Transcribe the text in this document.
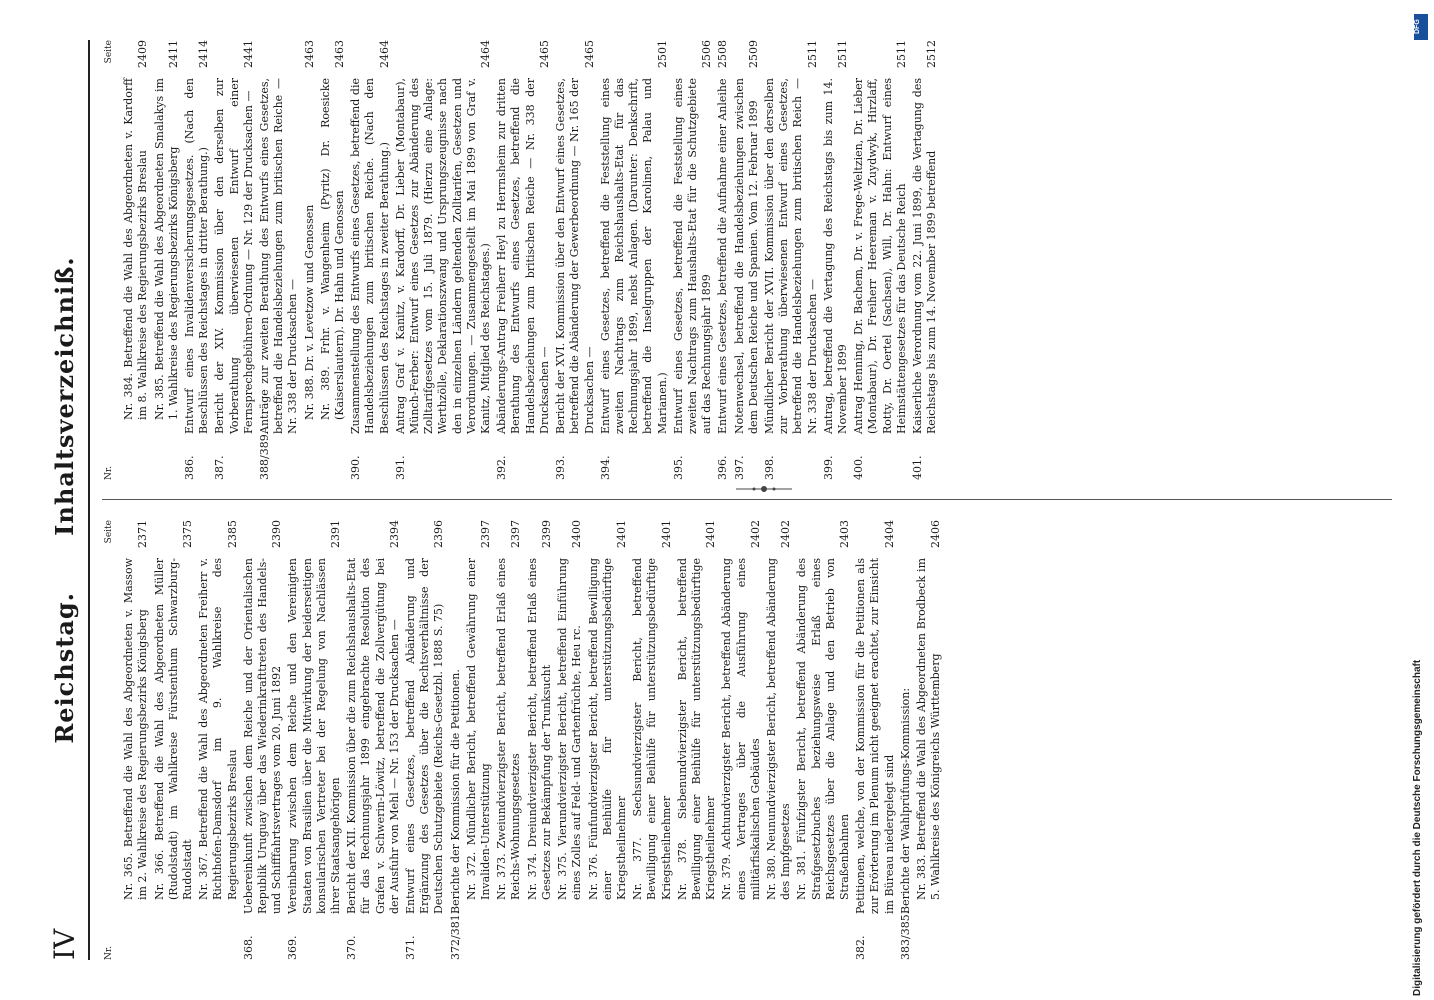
IV
Reichstag.      Inhaltsverzeichniß.
Nr.
Seite
Nr. 365. Betreffend die Wahl des Abgeordneten v. Massow im 2. Wahlkreise des Regierungsbezirks Königsberg
2371
Nr. 366. Betreffend die Wahl des Abgeordneten Müller (Rudolstadt) im Wahlkreise Fürstenthum Schwarzburg-Rudolstadt
2375
Nr. 367. Betreffend die Wahl des Abgeordneten Freiherr v. Richthofen-Damsdorf im 9. Wahlkreise des Regierungsbezirks Breslau
2385
368.
Uebereinkunft zwischen dem Reiche und der Orientalischen Republik Uruguay über das Wiederinkrafttreten des Handels- und Schifffahrtsvertrages vom 20. Juni 1892
2390
369.
Vereinbarung zwischen dem Reiche und den Vereinigten Staaten von Brasilien über die Mitwirkung der beiderseitigen konsularischen Vertreter bei der Regelung von Nachlässen ihrer Staatsangehörigen
2391
370.
Bericht der XII. Kommission über die zum Reichshaushalts-Etat für das Rechnungsjahr 1899 eingebrachte Resolution des Grafen v. Schwerin-Löwitz, betreffend die Zollvergütung bei der Ausfuhr von Mehl — Nr. 153 der Drucksachen —
2394
371.
Entwurf eines Gesetzes, betreffend Abänderung und Ergänzung des Gesetzes über die Rechtsverhältnisse der Deutschen Schutzgebiete (Reichs-Gesetzbl. 1888 S. 75)
2396
372/381.
Berichte der Kommission für die Petitionen. Nr. 372. Mündlicher Bericht, betreffend Gewährung einer Invaliden-Unterstützung
2397
Nr. 373. Zweiundvierzigster Bericht, betreffend Erlaß eines Reichs-Wohnungsgesetzes
2397
Nr. 374. Dreiundvierzigster Bericht, betreffend Erlaß eines Gesetzes zur Bekämpfung der Trunksucht
2399
Nr. 375. Vierundvierzigster Bericht, betreffend Einführung eines Zolles auf Feld- und Gartenfrüchte, Heu rc.
2400
Nr. 376. Fünfundvierzigster Bericht, betreffend Bewilligung einer Beihülfe für unterstützungsbedürftige Kriegstheilnehmer
2401
Nr. 377. Sechsundvierzigster Bericht, betreffend Bewilligung einer Beihülfe für unterstützungsbedürftige Kriegstheilnehmer
2401
Nr. 378. Siebenundvierzigster Bericht, betreffend Bewilligung einer Beihülfe für unterstützungsbedürftige Kriegstheilnehmer
2401
Nr. 379. Achtundvierzigster Bericht, betreffend Abänderung eines Vertrages über die Ausführung eines militärfiskalischen Gebäudes
2402
Nr. 380. Neunundvierzigster Bericht, betreffend Abänderung des Impfgesetzes
2402
Nr. 381. Fünfzigster Bericht, betreffend Abänderung des Strafgesetzbuches beziehungsweise Erlaß eines Reichsgesetzes über die Anlage und den Betrieb von Straßenbahnen
2403
382.
Petitionen, welche, von der Kommission für die Petitionen als zur Erörterung im Plenum nicht geeignet erachtet, zur Einsicht im Büreau niedergelegt sind
2404
383/385.
Berichte der Wahlprüfungs-Kommission: Nr. 383. Betreffend die Wahl des Abgeordneten Brodbeck im 5. Wahlkreise des Königreichs Württemberg
2406
Nr.
Seite
Nr. 384. Betreffend die Wahl des Abgeordneten v. Kardorff im 8. Wahlkreise des Regierungsbezirks Breslau
2409
Nr. 385. Betreffend die Wahl des Abgeordneten Smalakys im 1. Wahlkreise des Regierungsbezirks Königsberg
2411
386.
Entwurf eines Invalidenversicherungsgesetzes. (Nach den Beschlüssen des Reichstages in dritter Berathung.)
2414
387.
Bericht der XIV. Kommission über den derselben zur Vorberathung überwiesenen Entwurf einer Fernsprechgebühren-Ordnung — Nr. 129 der Drucksachen —
2441
388/389.
Anträge zur zweiten Berathung des Entwurfs eines Gesetzes, betreffend die Handelsbeziehungen zum britischen Reiche — Nr. 338 der Drucksachen — Nr. 388. Dr. v. Levetzow und Genossen
2463
Nr. 389. Frhr. v. Wangenheim (Pyritz) Dr. Roesicke (Kaiserslautern). Dr. Hahn und Genossen
2463
390.
Zusammenstellung des Entwurfs eines Gesetzes, betreffend die Handelsbeziehungen zum britischen Reiche. (Nach den Beschlüssen des Reichstages in zweiter Berathung.)
2464
391.
Antrag Graf v. Kanitz, v. Kardorff, Dr. Lieber (Montabaur), Münch-Ferber: Entwurf eines Gesetzes zur Abänderung des Zolltarifgesetzes vom 15. Juli 1879. (Hierzu eine Anlage: Werthzölle, Deklarationszwang und Ursprungszeugnisse nach den in einzelnen Ländern geltenden Zolltarifen, Gesetzen und Verordnungen. — Zusammengestellt im Mai 1899 von Graf v. Kanitz, Mitglied des Reichstages.)
2464
392.
Abänderungs-Antrag Freiherr Heyl zu Herrnsheim zur dritten Berathung des Entwurfs eines Gesetzes, betreffend die Handelsbeziehungen zum britischen Reiche — Nr. 338 der Drucksachen —
2465
393.
Bericht der XVI. Kommission über den Entwurf eines Gesetzes, betreffend die Abänderung der Gewerbeordnung — Nr. 165 der Drucksachen —
2465
394.
Entwurf eines Gesetzes, betreffend die Feststellung eines zweiten Nachtrags zum Reichshaushalts-Etat für das Rechnungsjahr 1899, nebst Anlagen. (Darunter: Denkschrift, betreffend die Inselgruppen der Karolinen, Palau und Marianen.)
2501
395.
Entwurf eines Gesetzes, betreffend die Feststellung eines zweiten Nachtrags zum Haushalts-Etat für die Schutzgebiete auf das Rechnungsjahr 1899
2506
396.
Entwurf eines Gesetzes, betreffend die Aufnahme einer Anleihe
2508
397.
Notenwechsel, betreffend die Handelsbeziehungen zwischen dem Deutschen Reiche und Spanien. Vom 12. Februar 1899
2509
398.
Mündlicher Bericht der XVII. Kommission über den derselben zur Vorberathung überwiesenen Entwurf eines Gesetzes, betreffend die Handelsbeziehungen zum britischen Reich — Nr. 338 der Drucksachen —
2511
399.
Antrag, betreffend die Vertagung des Reichstags bis zum 14. November 1899
2511
400.
Antrag Henning, Dr. Bachem, Dr. v. Frege-Weltzien, Dr. Lieber (Montabaur), Dr. Freiherr Heereman v. Zuydwyk, Hirzlaff, Rotty, Dr. Oertel (Sachsen), Will, Dr. Hahn: Entwurf eines Heimstättengesetzes für das Deutsche Reich
2511
401.
Kaiserliche Verordnung vom 22. Juni 1899, die Vertagung des Reichstags bis zum 14. November 1899 betreffend
2512
DFG
Digitalisierung gefördert durch die Deutsche Forschungsgemeinschaft
